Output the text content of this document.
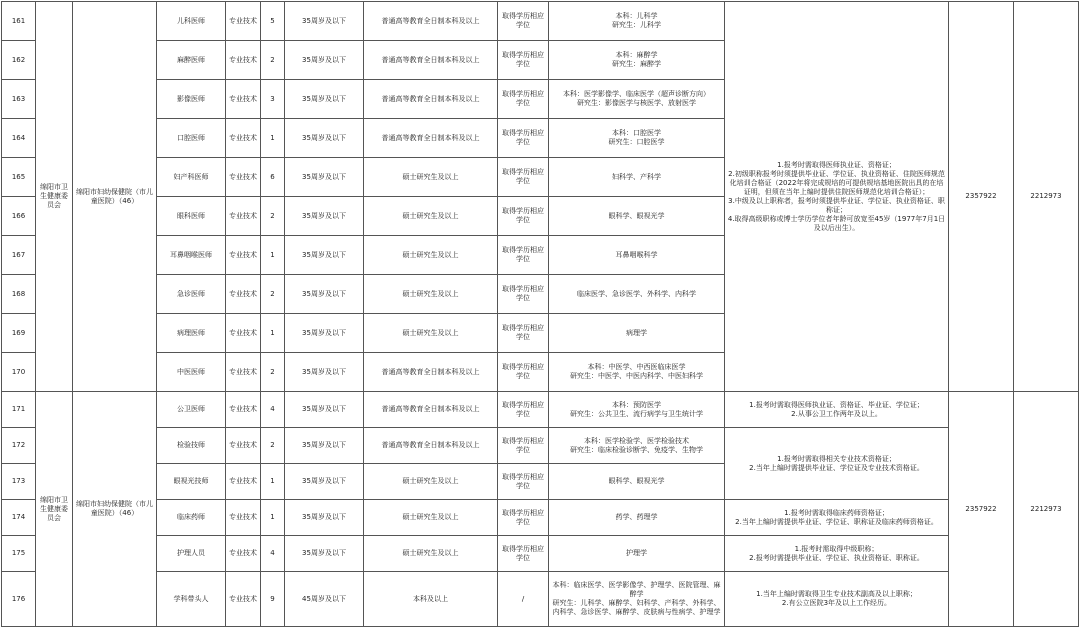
161	绵阳市卫生健康委员会	绵阳市妇幼保健院（市儿童医院）（46）	儿科医师	专业技术	5	35周岁及以下	普通高等教育全日制本科及以上	取得学历相应
学位	本科：儿科学
研究生：儿科学	1.报考时需取得医师执业证、资格证；
2.初级职称报考时须提供毕业证、学位证、执业资格证、住院医师规范化培训合格证（2022年将完成规培的可提供规培基地医院出具的在培证明，但须在当年上编时提供住院医师规范化培训合格证）；
3.中级及以上职称者，报考时须提供毕业证、学位证、执业资格证、职称证；
4.取得高级职称或博士学历学位者年龄可放宽至45岁（1977年7月1日及以后出生）。	2357922	2212973
162			麻醉医师	专业技术	2	35周岁及以下	普通高等教育全日制本科及以上	取得学历相应
学位	本科：麻醉学
研究生：麻醉学			
163			影像医师	专业技术	3	35周岁及以下	普通高等教育全日制本科及以上	取得学历相应
学位	本科：医学影像学、临床医学（超声诊断方向）
研究生：影像医学与核医学、放射医学			
164			口腔医师	专业技术	1	35周岁及以下	普通高等教育全日制本科及以上	取得学历相应
学位	本科：口腔医学
研究生：口腔医学			
165			妇产科医师	专业技术	6	35周岁及以下	硕士研究生及以上	取得学历相应
学位	妇科学、产科学			
166			眼科医师	专业技术	2	35周岁及以下	硕士研究生及以上	取得学历相应
学位	眼科学、眼视光学			
167			耳鼻咽喉医师	专业技术	1	35周岁及以下	硕士研究生及以上	取得学历相应
学位	耳鼻咽喉科学			
168			急诊医师	专业技术	2	35周岁及以下	硕士研究生及以上	取得学历相应
学位	临床医学、急诊医学、外科学、内科学			
169			病理医师	专业技术	1	35周岁及以下	硕士研究生及以上	取得学历相应
学位	病理学			
170			中医医师	专业技术	2	35周岁及以下	普通高等教育全日制本科及以上	取得学历相应
学位	本科：中医学、中西医临床医学
研究生：中医学、中医内科学、中医妇科学			
171	绵阳市卫生健康委员会	绵阳市妇幼保健院（市儿童医院）（46）	公卫医师	专业技术	4	35周岁及以下	普通高等教育全日制本科及以上	取得学历相应
学位	本科：预防医学
研究生：公共卫生、流行病学与卫生统计学	1.报考时需取得医师执业证、资格证、毕业证、学位证；
2.从事公卫工作两年及以上。	2357922	2212973
172			检验技师	专业技术	2	35周岁及以下	普通高等教育全日制本科及以上	取得学历相应
学位	本科：医学检验学、医学检验技术
研究生：临床检验诊断学、免疫学、生物学	1.报考时需取得相关专业技术资格证；
2.当年上编时需提供毕业证、学位证及专业技术资格证。		
173			眼视光技师	专业技术	1	35周岁及以下	硕士研究生及以上	取得学历相应
学位	眼科学、眼视光学			
174			临床药师	专业技术	1	35周岁及以下	硕士研究生及以上	取得学历相应
学位	药学、药理学	1.报考时需取得临床药师资格证；
2.当年上编时需提供毕业证、学位证、职称证及临床药师资格证。		
175			护理人员	专业技术	4	35周岁及以下	硕士研究生及以上	取得学历相应
学位	护理学	1.报考时需取得中级职称；
2.报考时需提供毕业证、学位证、执业资格证、职称证。		
176			学科带头人	专业技术	9	45周岁及以下	本科及以上	/	本科：临床医学、医学影像学、护理学、医院管理、麻醉学
研究生：儿科学、麻醉学、妇科学、产科学、外科学、内科学、急诊医学、麻醉学、皮肤病与性病学、护理学	1.当年上编时需取得卫生专业技术副高及以上职称；
2.有公立医院3年及以上工作经历。		
